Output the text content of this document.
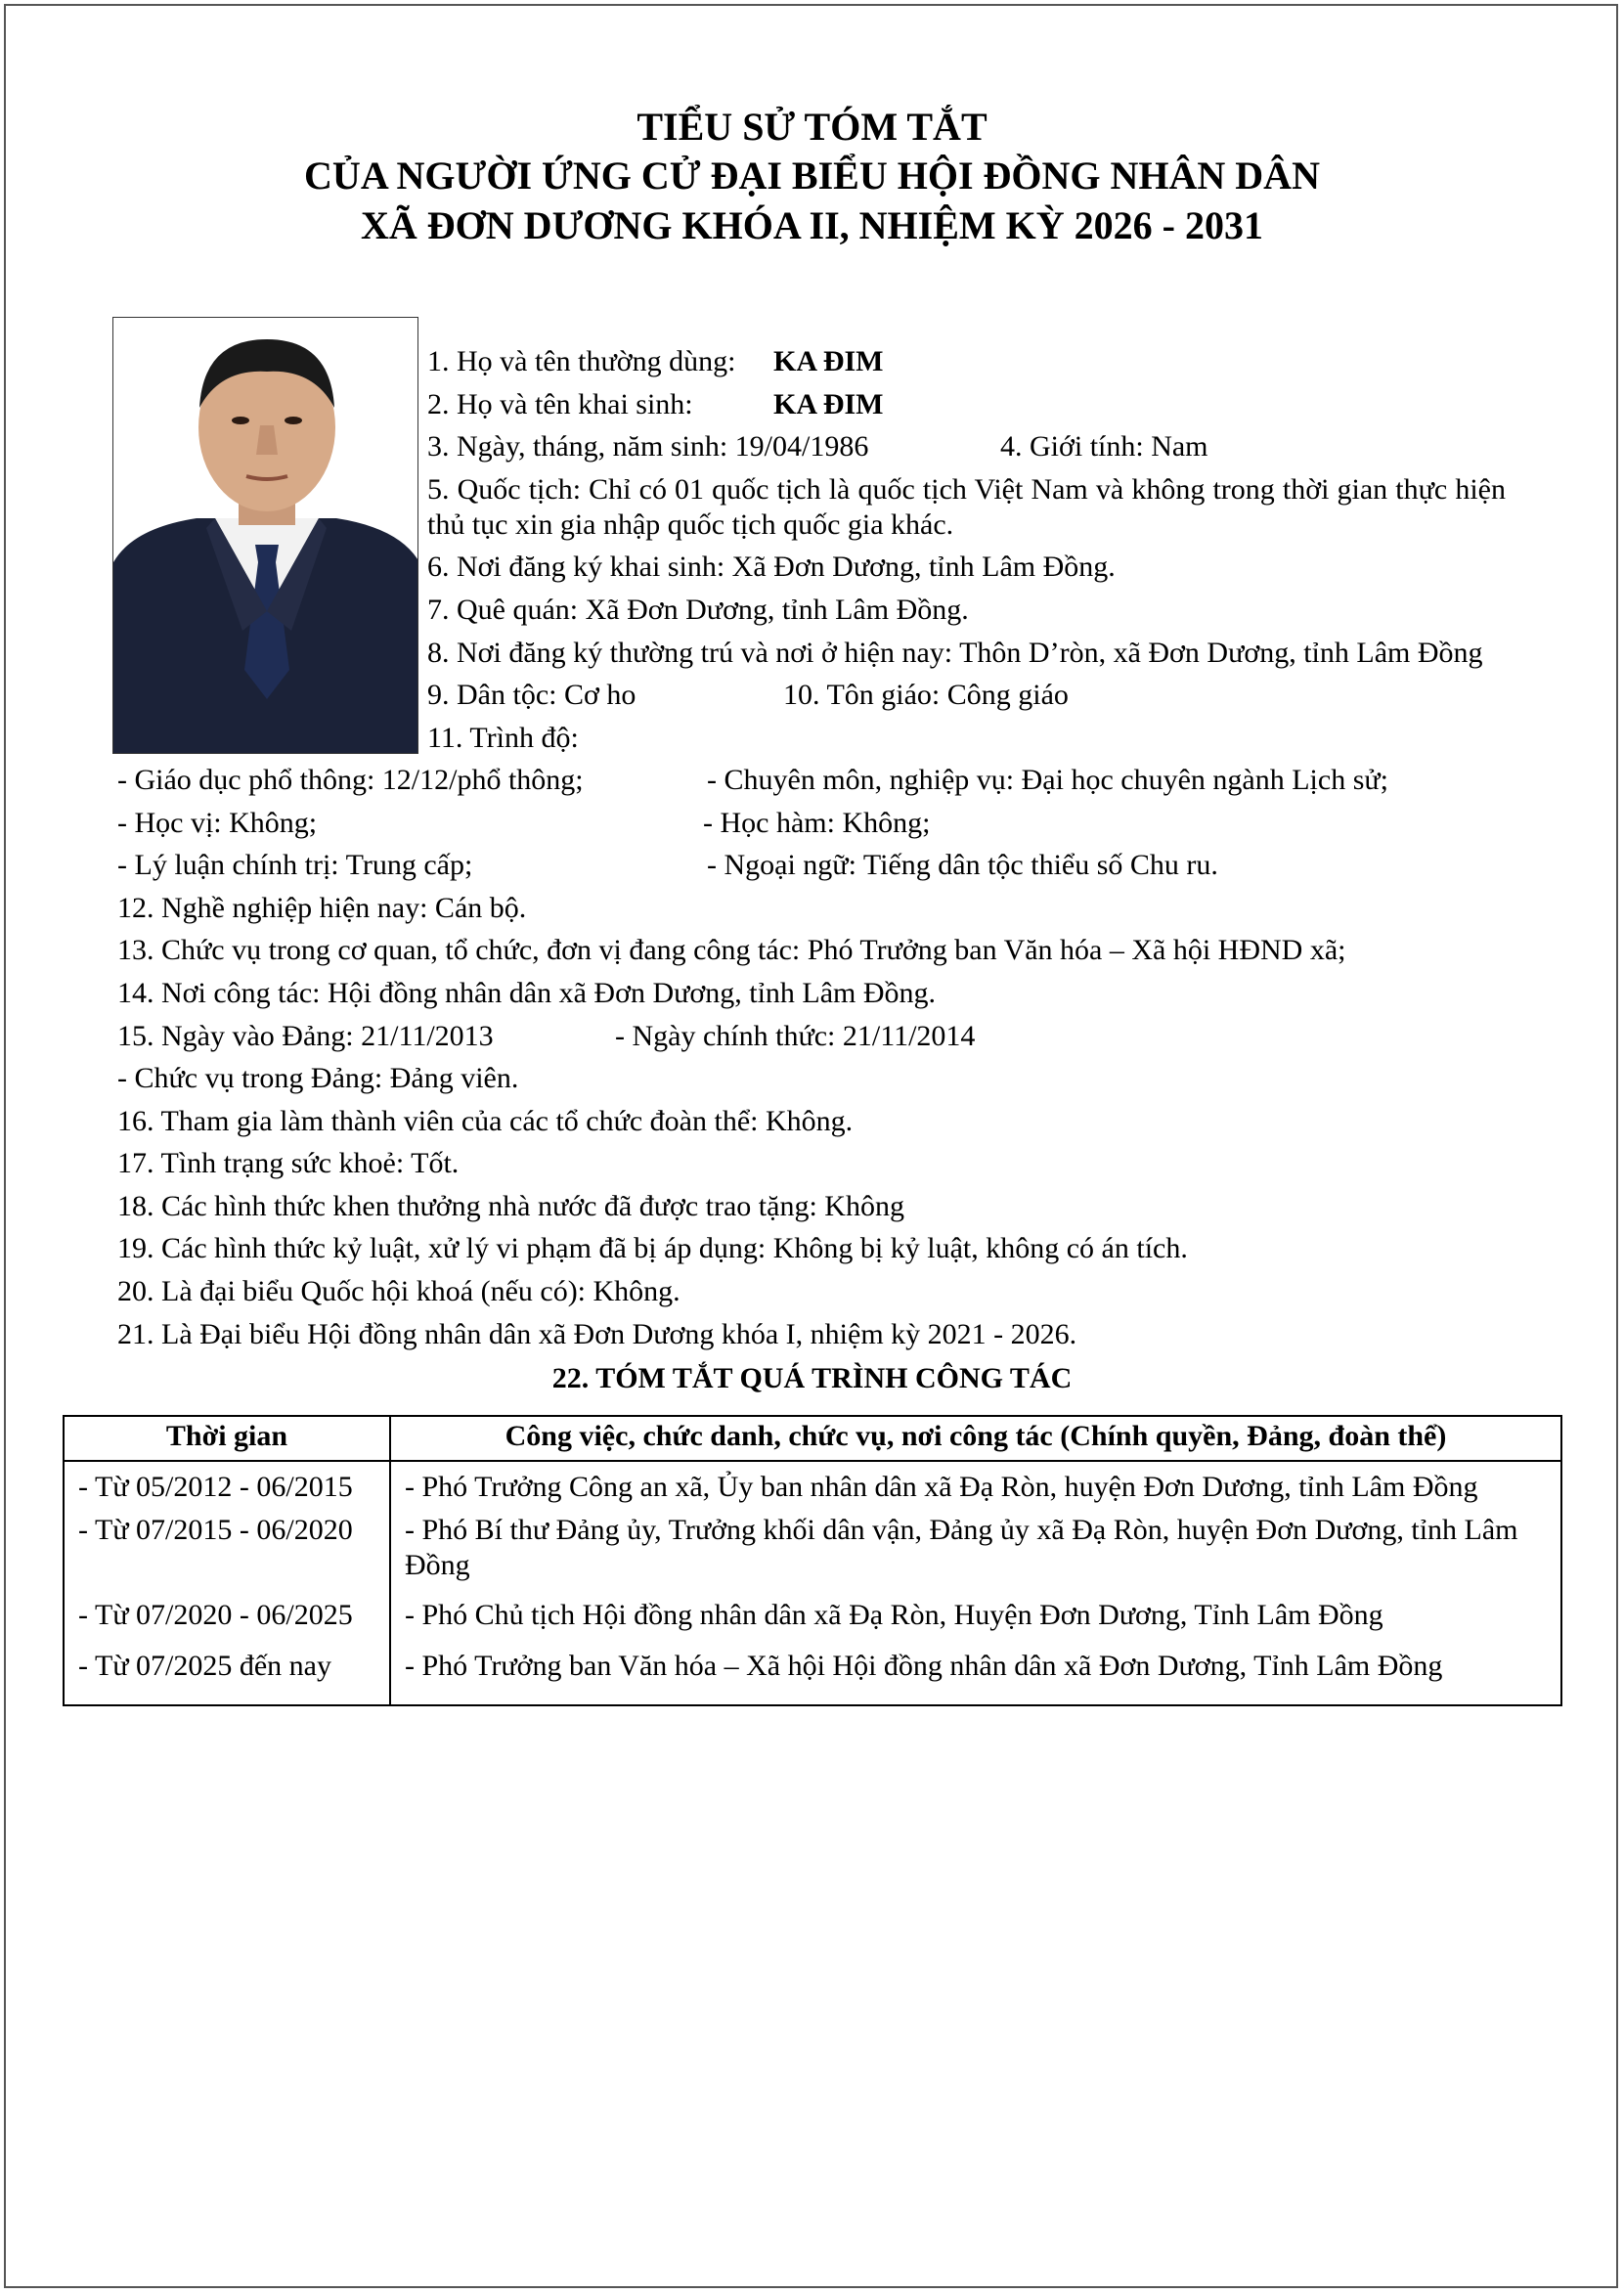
TIỂU SỬ TÓM TẮT
CỦA NGƯỜI ỨNG CỬ ĐẠI BIỂU HỘI ĐỒNG NHÂN DÂN
XÃ ĐƠN DƯƠNG KHÓA II, NHIỆM KỲ 2026 - 2031
1. Họ và tên thường dùng: KA ĐIM
2. Họ và tên khai sinh:	KA ĐIM
3. Ngày, tháng, năm sinh: 19/04/1986	4. Giới tính: Nam
5. Quốc tịch: Chỉ có 01 quốc tịch là quốc tịch Việt Nam và không trong thời gian thực hiện thủ tục xin gia nhập quốc tịch quốc gia khác.
6. Nơi đăng ký khai sinh: Xã Đơn Dương, tỉnh Lâm Đồng.
7. Quê quán: Xã Đơn Dương, tỉnh Lâm Đồng.
8. Nơi đăng ký thường trú và nơi ở hiện nay: Thôn D’ròn, xã Đơn Dương, tỉnh Lâm Đồng
9. Dân tộc: Cơ ho	10. Tôn giáo: Công giáo
11. Trình độ:
- Giáo dục phổ thông: 12/12/phổ thông;	- Chuyên môn, nghiệp vụ: Đại học chuyên ngành Lịch sử;
- Học vị: Không;	- Học hàm: Không;
- Lý luận chính trị: Trung cấp;	- Ngoại ngữ: Tiếng dân tộc thiểu số Chu ru.
12. Nghề nghiệp hiện nay: Cán bộ.
13. Chức vụ trong cơ quan, tổ chức, đơn vị đang công tác: Phó Trưởng ban Văn hóa – Xã hội HĐND xã;
14. Nơi công tác: Hội đồng nhân dân xã Đơn Dương, tỉnh Lâm Đồng.
15. Ngày vào Đảng: 21/11/2013	- Ngày chính thức: 21/11/2014
- Chức vụ trong Đảng: Đảng viên.
16. Tham gia làm thành viên của các tổ chức đoàn thể: Không.
17. Tình trạng sức khoẻ: Tốt.
18. Các hình thức khen thưởng nhà nước đã được trao tặng: Không
19. Các hình thức kỷ luật, xử lý vi phạm đã bị áp dụng: Không bị kỷ luật, không có án tích.
20. Là đại biểu Quốc hội khoá (nếu có): Không.
21. Là Đại biểu Hội đồng nhân dân xã Đơn Dương khóa I, nhiệm kỳ 2021 - 2026.
22. TÓM TẮT QUÁ TRÌNH CÔNG TÁC
Thời gian	Công việc, chức danh, chức vụ, nơi công tác (Chính quyền, Đảng, đoàn thể)
- Từ 05/2012 - 06/2015	- Phó Trưởng Công an xã, Ủy ban nhân dân xã Đạ Ròn, huyện Đơn Dương, tỉnh Lâm Đồng
- Từ 07/2015 - 06/2020	- Phó Bí thư Đảng ủy, Trưởng khối dân vận, Đảng ủy xã Đạ Ròn, huyện Đơn Dương, tỉnh Lâm Đồng
- Từ 07/2020 - 06/2025	- Phó Chủ tịch Hội đồng nhân dân xã Đạ Ròn, Huyện Đơn Dương, Tỉnh Lâm Đồng
- Từ 07/2025 đến nay	- Phó Trưởng ban Văn hóa – Xã hội Hội đồng nhân dân xã Đơn Dương, Tỉnh Lâm Đồng
